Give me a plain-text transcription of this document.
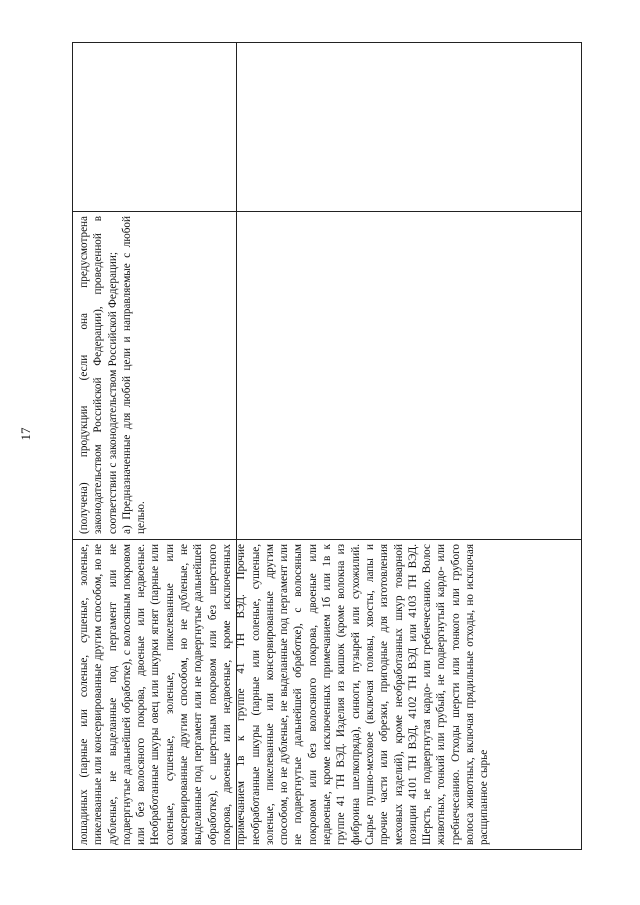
17

лошадиных (парные или соленые, сушеные, золеные, пикелеванные или консервированные другим способом, но не дубленые, не выделанные под пергамент или не подвергнутые дальнейшей обработке), с волосяным покровом или без волосяного покрова, двоеные или недвоеные. Необработанные шкуры овец или шкурки ягнят (парные или соленые, сушеные, золеные, пикелеванные или консервированные другим способом, но не дубленые, не выделанные под пергамент или не подвергнутые дальнейшей обработке), с шерстным покровом или без шерстного покрова, двоеные или недвоеные, кроме исключенных примечанием 1в к группе 41 ТН ВЭД. Прочие необработанные шкуры (парные или соленые, сушеные, золеные, пикелеванные или консервированные другим способом, но не дубленые, не выделанные под пергамент или не подвергнутые дальнейшей обработке), с волосяным покровом или без волосяного покрова, двоеные или недвоеные, кроме исключенных примечанием 1б или 1в к группе 41 ТН ВЭД. Изделия из кишок (кроме волокна из фиброина шелкопряда), синюги, пузырей или сухожилий. Сырье пушно-меховое (включая головы, хвосты, лапы и прочие части или обрезки, пригодные для изготовления меховых изделий), кроме необработанных шкур товарной позиции 4101 ТН ВЭД, 4102 ТН ВЭД или 4103 ТН ВЭД. Шерсть, не подвергнутая кардо- или гребнечесанию. Волос животных, тонкий или грубый, не подвергнутый кардо- или гребнечесанию. Отходы шерсти или тонкого или грубого волоса животных, включая прядильные отходы, но исключая расщипанное сырье

(получена) продукции (если она предусмотрена законодательством Российской Федерации), проведенной в соответствии с законодательством Российской Федерации; а) Предназначенные для любой цели и направляемые с любой целью.
